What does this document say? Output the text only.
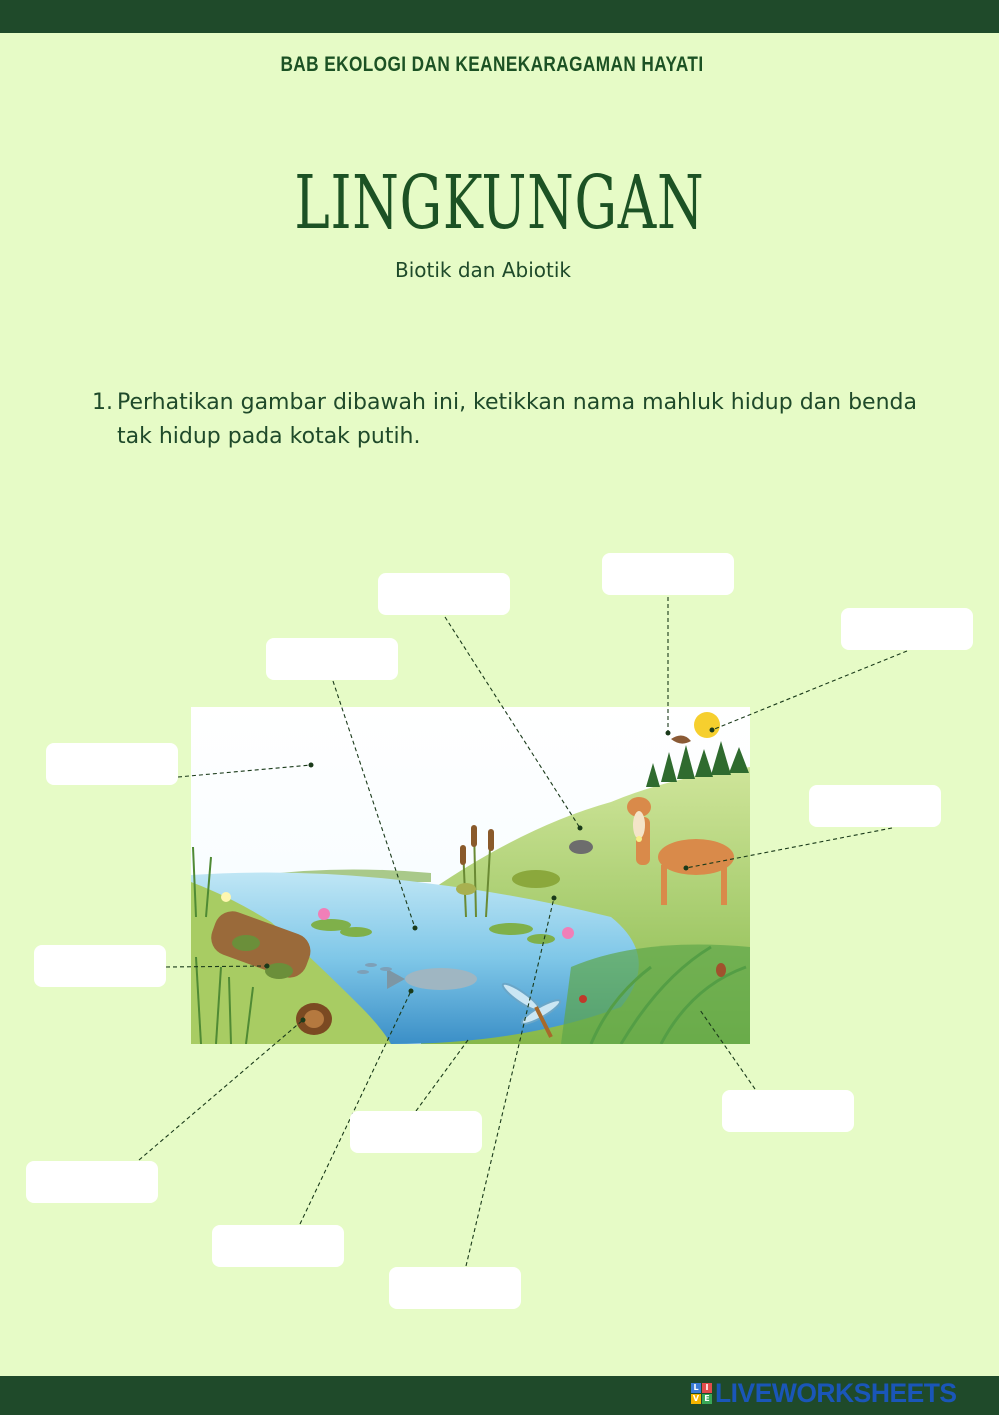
BAB EKOLOGI DAN KEANEKARAGAMAN HAYATI
LINGKUNGAN
Biotik dan Abiotik
1. Perhatikan gambar dibawah ini, ketikkan nama mahluk hidup dan benda
tak hidup pada kotak putih.
L I
V E LIVEWORKSHEETS
